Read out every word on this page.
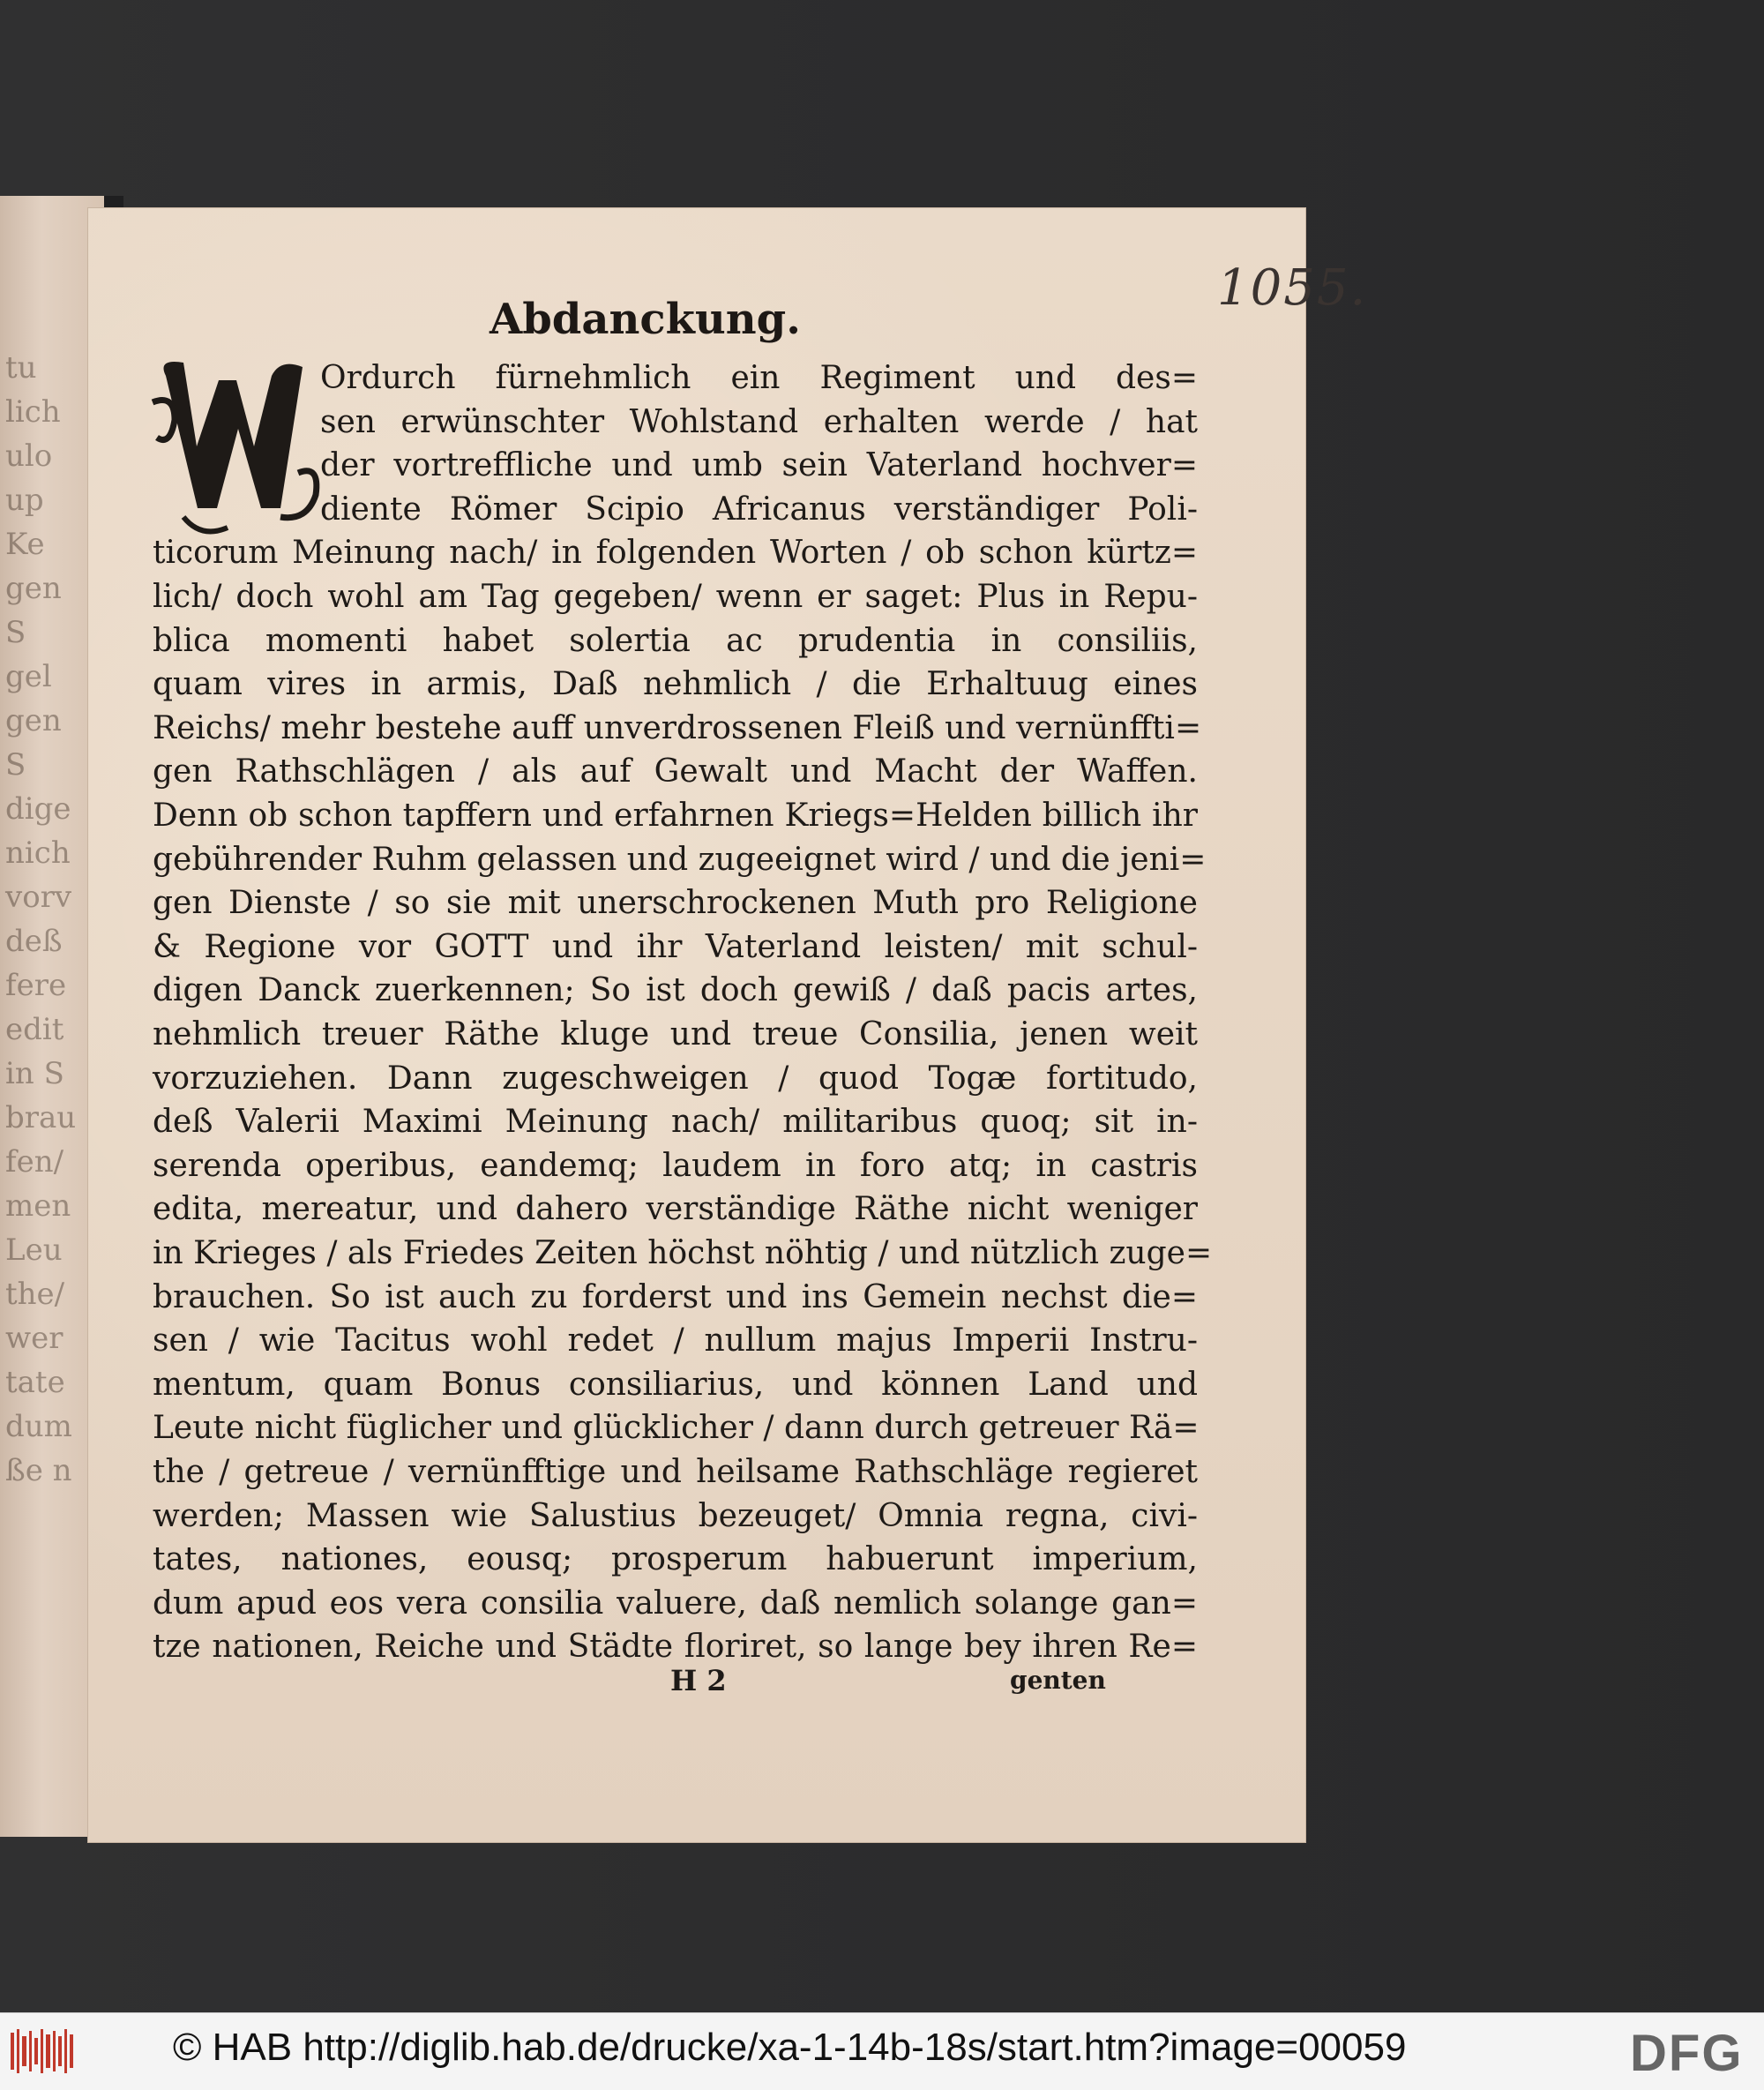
tu
lich
ulo
up
Ke
gen
S
gel
gen
S
dige
nich
vorv
deß
fere
edit
in S
brau
fen/
men
Leu
the/
wer
tate
dum
ße n
1055.
Abdanckung.
Ordurch fürnehmlich ein Regiment und des=
sen erwünschter Wohlstand erhalten werde / hat
der vortreffliche und umb sein Vaterland hochver=
diente Römer Scipio Africanus verständiger Poli-
ticorum Meinung nach/ in folgenden Worten / ob schon kürtz=
lich/ doch wohl am Tag gegeben/ wenn er saget: Plus in Repu-
blica momenti habet solertia ac prudentia in consiliis,
quam vires in armis, Daß nehmlich / die Erhaltuug eines
Reichs/ mehr bestehe auff unverdrossenen Fleiß und vernünffti=
gen Rathschlägen / als auf Gewalt und Macht der Waffen.
Denn ob schon tapffern und erfahrnen Kriegs=Helden billich ihr
gebührender Ruhm gelassen und zugeeignet wird / und die jeni=
gen Dienste / so sie mit unerschrockenen Muth pro Religione
& Regione vor GOTT und ihr Vaterland leisten/ mit schul-
digen Danck zuerkennen; So ist doch gewiß / daß pacis artes,
nehmlich treuer Räthe kluge und treue Consilia, jenen weit
vorzuziehen. Dann zugeschweigen / quod Togæ fortitudo,
deß Valerii Maximi Meinung nach/ militaribus quoq; sit in-
serenda operibus, eandemq; laudem in foro atq; in castris
edita, mereatur, und dahero verständige Räthe nicht weniger
in Krieges / als Friedes Zeiten höchst nöhtig / und nützlich zuge=
brauchen. So ist auch zu forderst und ins Gemein nechst die=
sen / wie Tacitus wohl redet / nullum majus Imperii Instru-
mentum, quam Bonus consiliarius, und können Land und
Leute nicht füglicher und glücklicher / dann durch getreuer Rä=
the / getreue / vernünfftige und heilsame Rathschläge regieret
werden; Massen wie Salustius bezeuget/ Omnia regna, civi-
tates, nationes, eousq; prosperum habuerunt imperium,
dum apud eos vera consilia valuere, daß nemlich solange gan=
tze nationen, Reiche und Städte floriret, so lange bey ihren Re=
H 2	genten
© HAB http://diglib.hab.de/drucke/xa-1-14b-18s/start.htm?image=00059	DFG
